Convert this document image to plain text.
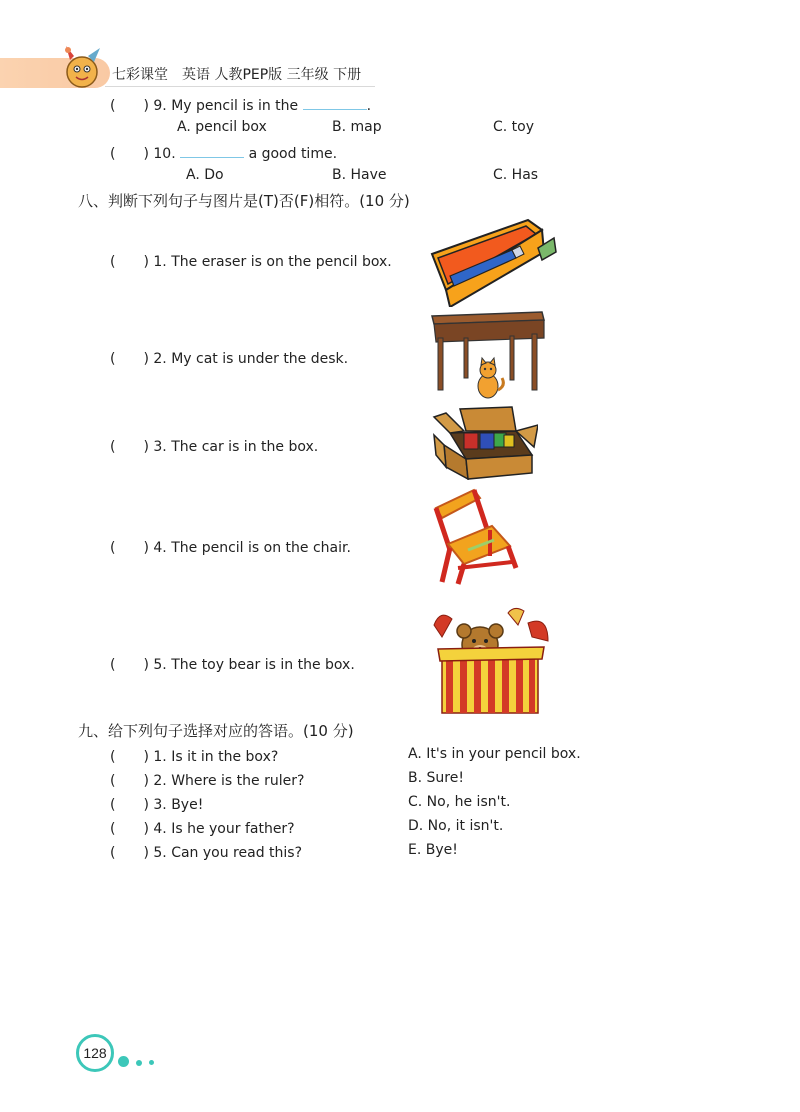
七彩课堂　英语 人教PEP版 三年级 下册
(　　) 9. My pencil is in the	.
A. pencil box	B. map	C. toy
(　　) 10.	a good time.
A. Do	B. Have	C. Has
八、判断下列句子与图片是(T)否(F)相符。(10 分)
(　　) 1. The eraser is on the pencil box.
(　　) 2. My cat is under the desk.
(　　) 3. The car is in the box.
(　　) 4. The pencil is on the chair.
(　　) 5. The toy bear is in the box.
九、给下列句子选择对应的答语。(10 分)
(　　) 1. Is it in the box?	A. It's in your pencil box.
(　　) 2. Where is the ruler?	B. Sure!
(　　) 3. Bye!	C. No, he isn't.
(　　) 4. Is he your father?	D. No, it isn't.
(　　) 5. Can you read this?	E. Bye!
128
